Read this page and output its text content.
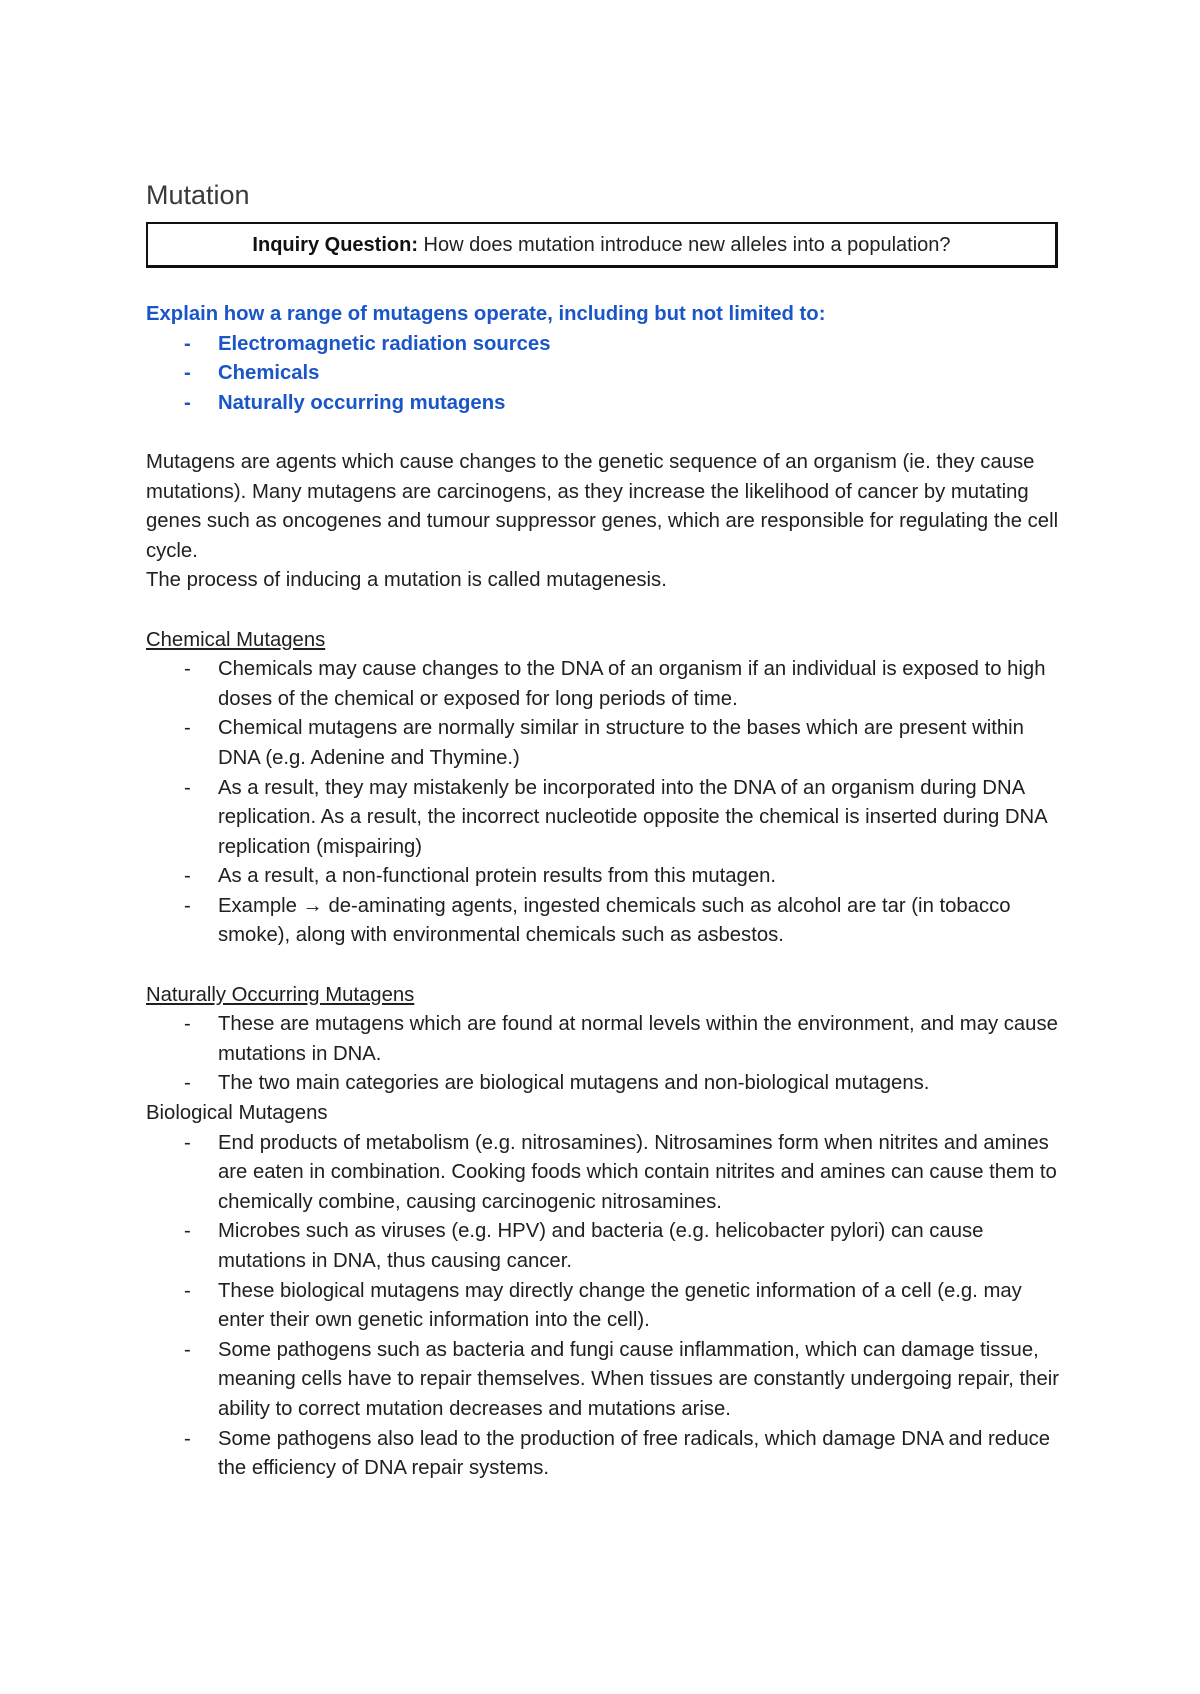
Mutation
Inquiry Question: How does mutation introduce new alleles into a population?

Explain how a range of mutagens operate, including but not limited to:

- Electromagnetic radiation sources
- Chemicals
- Naturally occurring mutagens

Mutagens are agents which cause changes to the genetic sequence of an organism (ie. they cause mutations). Many mutagens are carcinogens, as they increase the likelihood of cancer by mutating genes such as oncogenes and tumour suppressor genes, which are responsible for regulating the cell cycle.

The process of inducing a mutation is called mutagenesis.

Chemical Mutagens

- Chemicals may cause changes to the DNA of an organism if an individual is exposed to high doses of the chemical or exposed for long periods of time.
- Chemical mutagens are normally similar in structure to the bases which are present within DNA (e.g. Adenine and Thymine.)
- As a result, they may mistakenly be incorporated into the DNA of an organism during DNA replication. As a result, the incorrect nucleotide opposite the chemical is inserted during DNA replication (mispairing)
- As a result, a non-functional protein results from this mutagen.
- Example → de-aminating agents, ingested chemicals such as alcohol are tar (in tobacco smoke), along with environmental chemicals such as asbestos.

Naturally Occurring Mutagens

- These are mutagens which are found at normal levels within the environment, and may cause mutations in DNA.
- The two main categories are biological mutagens and non-biological mutagens.

Biological Mutagens

- End products of metabolism (e.g. nitrosamines). Nitrosamines form when nitrites and amines are eaten in combination. Cooking foods which contain nitrites and amines can cause them to chemically combine, causing carcinogenic nitrosamines.
- Microbes such as viruses (e.g. HPV) and bacteria (e.g. helicobacter pylori) can cause mutations in DNA, thus causing cancer.
- These biological mutagens may directly change the genetic information of a cell (e.g. may enter their own genetic information into the cell).
- Some pathogens such as bacteria and fungi cause inflammation, which can damage tissue, meaning cells have to repair themselves. When tissues are constantly undergoing repair, their ability to correct mutation decreases and mutations arise.
- Some pathogens also lead to the production of free radicals, which damage DNA and reduce the efficiency of DNA repair systems.
